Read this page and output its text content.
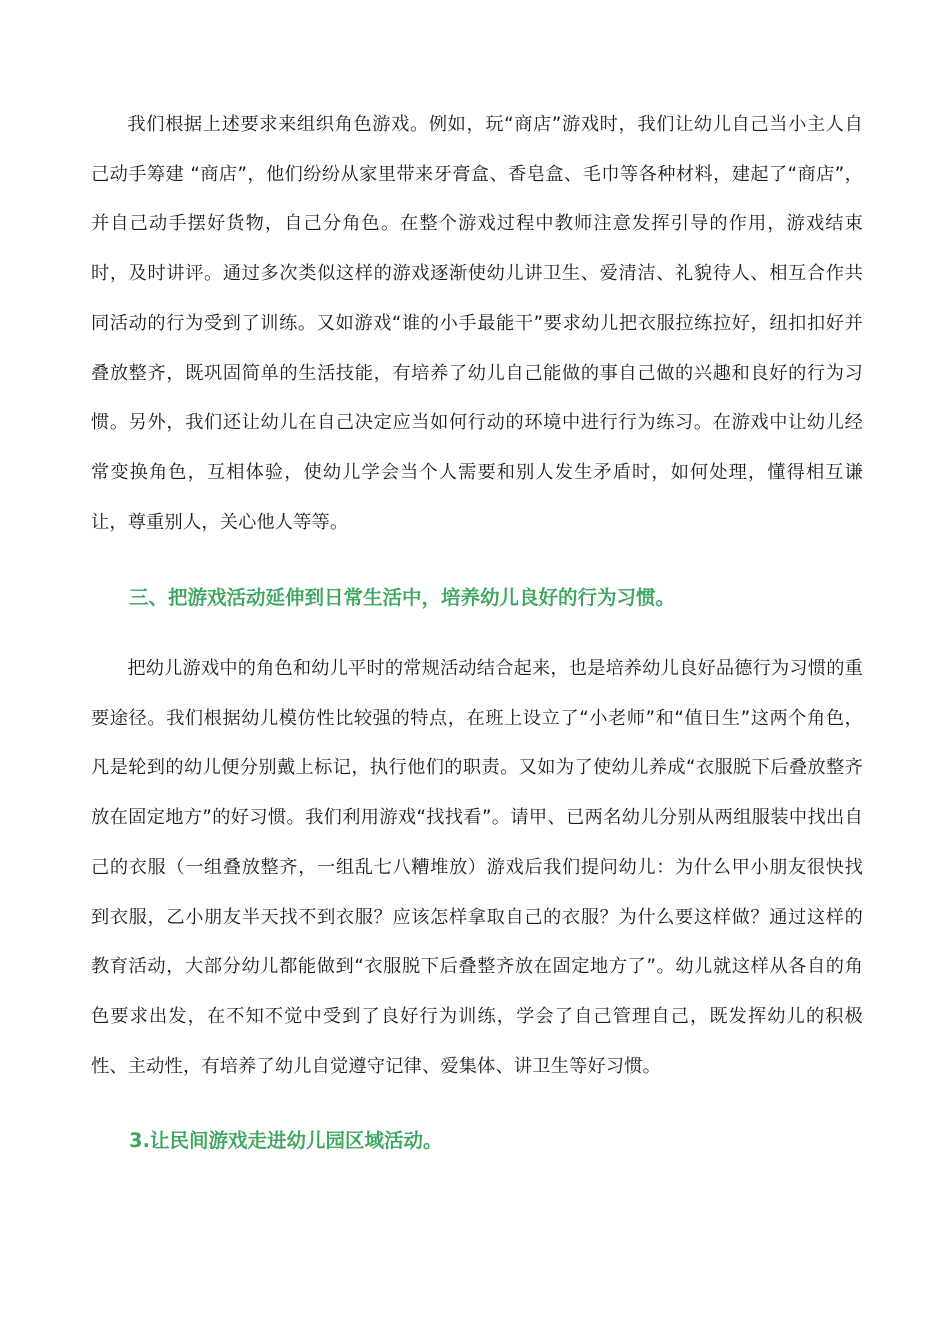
我们根据上述要求来组织角色游戏。例如，玩“商店”游戏时，我们让幼儿自己当小主人自己动手筹建 “商店”，他们纷纷从家里带来牙膏盒、香皂盒、毛巾等各种材料，建起了“商店”，并自己动手摆好货物，自己分角色。在整个游戏过程中教师注意发挥引导的作用，游戏结束时，及时讲评。通过多次类似这样的游戏逐渐使幼儿讲卫生、爱清洁、礼貌待人、相互合作共同活动的行为受到了训练。又如游戏“谁的小手最能干”要求幼儿把衣服拉练拉好，纽扣扣好并叠放整齐，既巩固简单的生活技能，有培养了幼儿自己能做的事自己做的兴趣和良好的行为习惯。另外，我们还让幼儿在自己决定应当如何行动的环境中进行行为练习。在游戏中让幼儿经常变换角色，互相体验，使幼儿学会当个人需要和别人发生矛盾时，如何处理，懂得相互谦让，尊重别人，关心他人等等。

三、把游戏活动延伸到日常生活中，培养幼儿良好的行为习惯。

把幼儿游戏中的角色和幼儿平时的常规活动结合起来，也是培养幼儿良好品德行为习惯的重要途径。我们根据幼儿模仿性比较强的特点，在班上设立了“小老师”和“值日生”这两个角色，凡是轮到的幼儿便分别戴上标记，执行他们的职责。又如为了使幼儿养成“衣服脱下后叠放整齐放在固定地方”的好习惯。我们利用游戏“找找看”。请甲、已两名幼儿分别从两组服装中找出自己的衣服（一组叠放整齐，一组乱七八糟堆放）游戏后我们提问幼儿：为什么甲小朋友很快找到衣服，乙小朋友半天找不到衣服？应该怎样拿取自己的衣服？为什么要这样做？通过这样的教育活动，大部分幼儿都能做到“衣服脱下后叠整齐放在固定地方了”。幼儿就这样从各自的角色要求出发，在不知不觉中受到了良好行为训练，学会了自己管理自己，既发挥幼儿的积极性、主动性，有培养了幼儿自觉遵守记律、爱集体、讲卫生等好习惯。

3.让民间游戏走进幼儿园区域活动。
